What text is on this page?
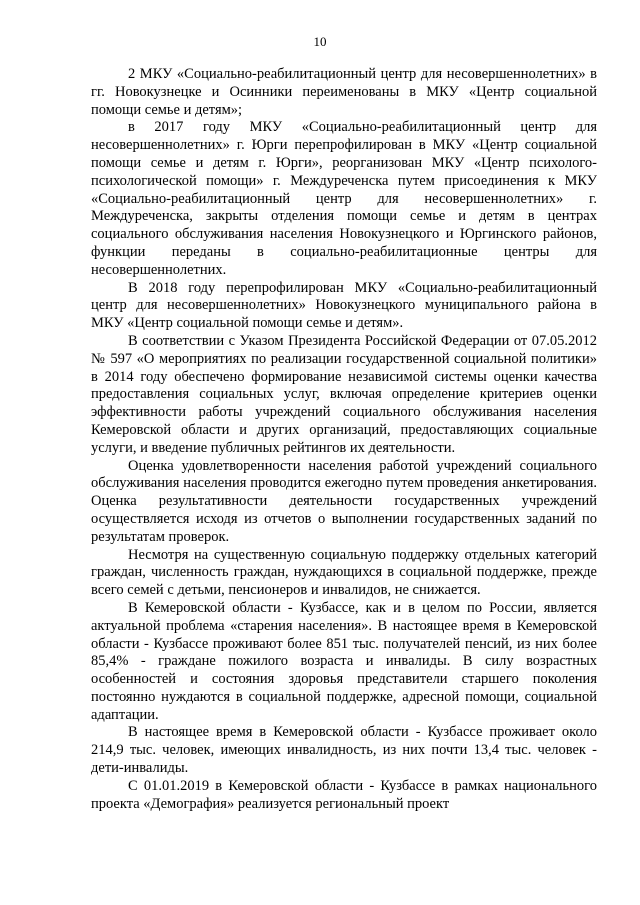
10

2 МКУ «Социально-реабилитационный центр для несовершеннолетних» в гг. Новокузнецке и Осинники переименованы в МКУ «Центр социальной помощи семье и детям»;

в 2017 году МКУ «Социально-реабилитационный центр для несовершеннолетних» г. Юрги перепрофилирован в МКУ «Центр социальной помощи семье и детям г. Юрги», реорганизован МКУ «Центр психолого-психологической помощи» г. Междуреченска путем присоединения к МКУ «Социально-реабилитационный центр для несовершеннолетних» г. Междуреченска, закрыты отделения помощи семье и детям в центрах социального обслуживания населения Новокузнецкого и Юргинского районов, функции переданы в социально-реабилитационные центры для несовершеннолетних.

В 2018 году перепрофилирован МКУ «Социально-реабилитационный центр для несовершеннолетних» Новокузнецкого муниципального района в МКУ «Центр социальной помощи семье и детям».

В соответствии с Указом Президента Российской Федерации от 07.05.2012 № 597 «О мероприятиях по реализации государственной социальной политики» в 2014 году обеспечено формирование независимой системы оценки качества предоставления социальных услуг, включая определение критериев оценки эффективности работы учреждений социального обслуживания населения Кемеровской области и других организаций, предоставляющих социальные услуги, и введение публичных рейтингов их деятельности.

Оценка удовлетворенности населения работой учреждений социального обслуживания населения проводится ежегодно путем проведения анкетирования. Оценка результативности деятельности государственных учреждений осуществляется исходя из отчетов о выполнении государственных заданий по результатам проверок.

Несмотря на существенную социальную поддержку отдельных категорий граждан, численность граждан, нуждающихся в социальной поддержке, прежде всего семей с детьми, пенсионеров и инвалидов, не снижается.

В Кемеровской области - Кузбассе, как и в целом по России, является актуальной проблема «старения населения». В настоящее время в Кемеровской области - Кузбассе проживают более 851 тыс. получателей пенсий, из них более 85,4% - граждане пожилого возраста и инвалиды. В силу возрастных особенностей и состояния здоровья представители старшего поколения постоянно нуждаются в социальной поддержке, адресной помощи, социальной адаптации.

В настоящее время в Кемеровской области - Кузбассе проживает около 214,9 тыс. человек, имеющих инвалидность, из них почти 13,4 тыс. человек - дети-инвалиды.

С 01.01.2019 в Кемеровской области - Кузбассе в рамках национального проекта «Демография» реализуется региональный проект
